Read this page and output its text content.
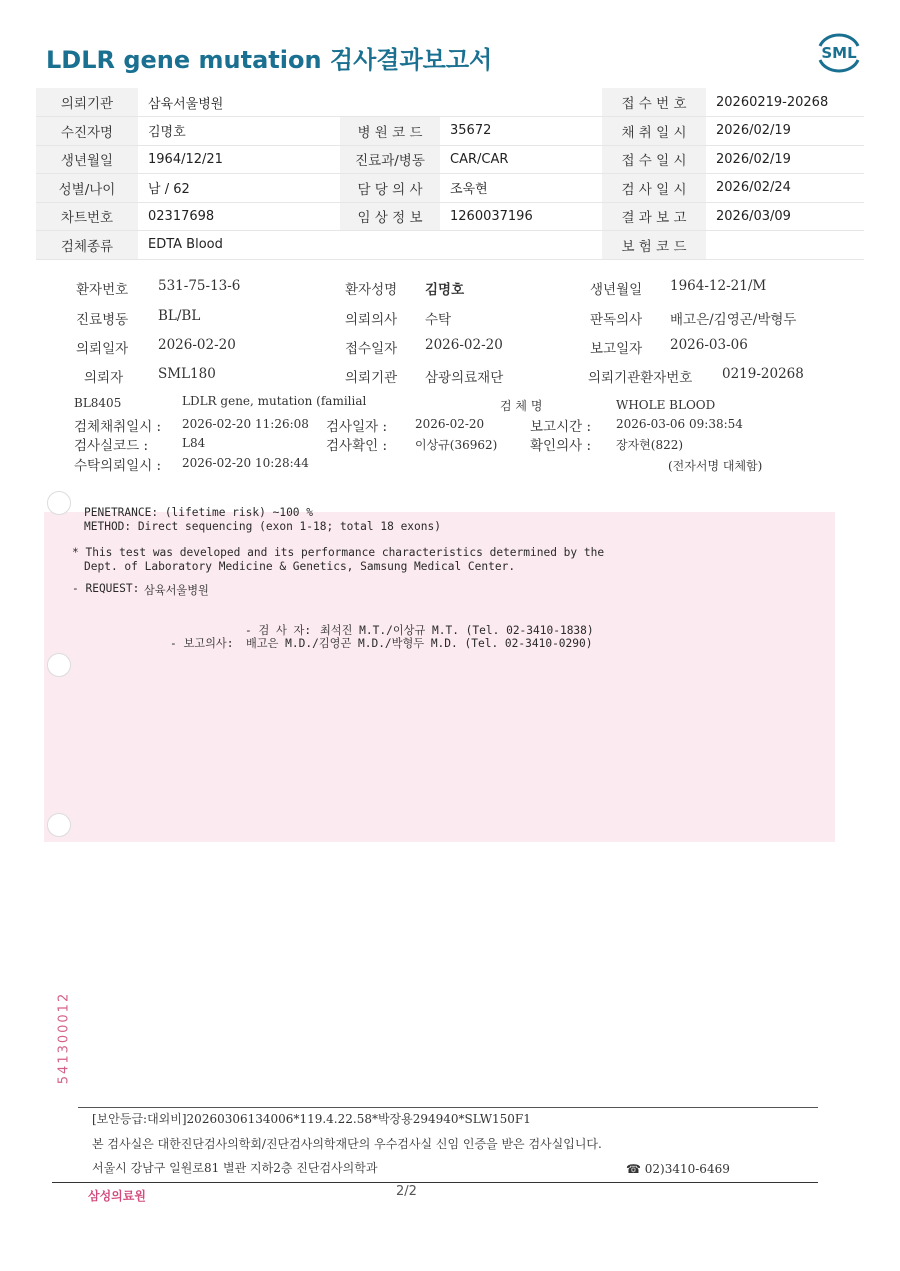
LDLR gene mutation 검사결과보고서	SML
의뢰기관	삼육서울병원			접 수 번 호	20260219-20268
수진자명	김명호	병 원 코 드	35672	채 취 일 시	2026/02/19
생년월일	1964/12/21	진료과/병동	CAR/CAR	접 수 일 시	2026/02/19
성별/나이	남 / 62	담 당 의 사	조욱현	검 사 일 시	2026/02/24
차트번호	02317698	임 상 정 보	1260037196	결 과 보 고	2026/03/09
검체종류	EDTA Blood			보 험 코 드	
환자번호 531-75-13-6	환자성명 김명호	생년월일 1964-12-21/M
진료병동 BL/BL	의뢰의사 수탁	판독의사 배고은/김영곤/박형두
의뢰일자 2026-02-20	접수일자 2026-02-20	보고일자 2026-03-06
의뢰자	SML180	의뢰기관 삼광의료재단	의뢰기관환자번호 0219-20268
BL8405	LDLR gene, mutation (familial	검 체 명	WHOLE BLOOD
검체채취일시 : 2026-02-20 11:26:08 검사일자 : 2026-02-20	보고시간 : 2026-03-06 09:38:54
검사실코드 :	L84	검사확인 : 이상규(36962) 확인의사 : 장자현(822)
수탁의뢰일시 : 2026-02-20 10:28:44	(전자서명 대체함)
PENETRANCE: (lifetime risk) ~100 %
METHOD: Direct sequencing (exon 1-18; total 18 exons)
* This test was developed and its performance characteristics determined by the
Dept. of Laboratory Medicine & Genetics, Samsung Medical Center.
- REQUEST: 삼육서울병원
- 검 사 자: 최석진 M.T./이상규 M.T. (Tel. 02-3410-1838)
- 보고의사: 배고은 M.D./김영곤 M.D./박형두 M.D. (Tel. 02-3410-0290)
541300012
[보안등급:대외비]20260306134006*119.4.22.58*박장용294940*SLW150F1
본 검사실은 대한진단검사의학회/진단검사의학재단의 우수검사실 신임 인증을 받은 검사실입니다.
서울시 강남구 일원로81 별관 지하2층 진단검사의학과	☎ 02)3410-6469
삼성의료원	2/2
